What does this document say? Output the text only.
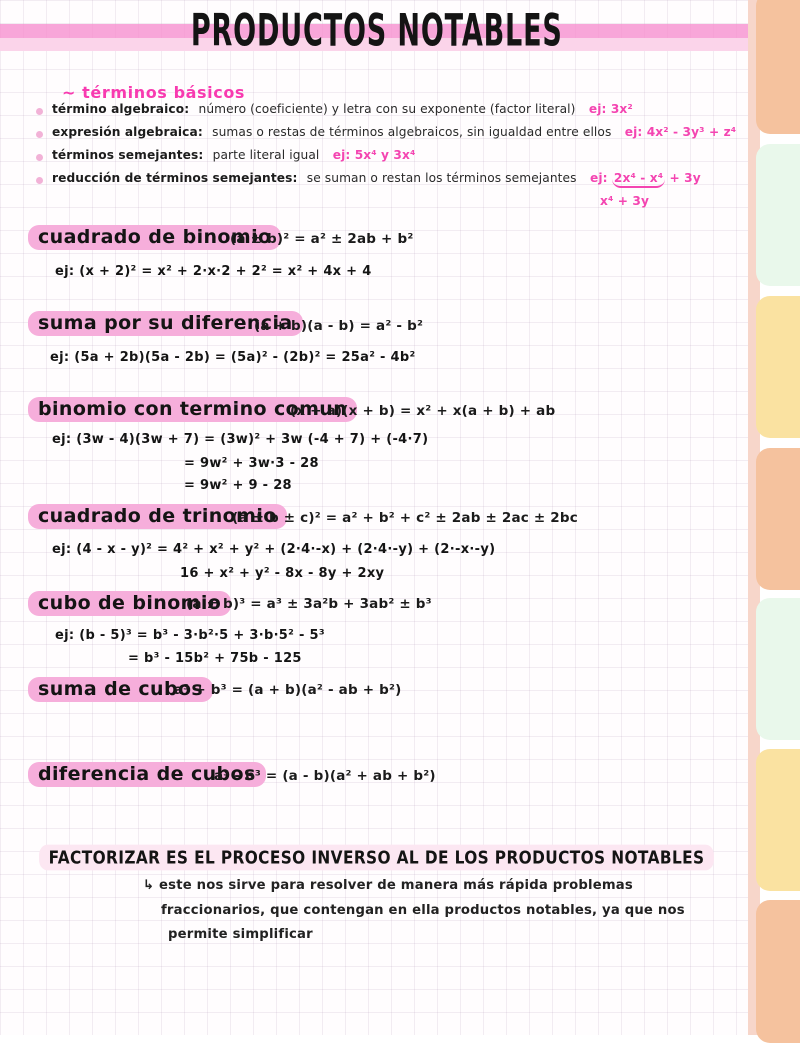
PRODUCTOS NOTABLES
~ términos básicos
término algebraico: número (coeficiente) y letra con su exponente (factor literal) ej: 3x²
expresión algebraica: sumas o restas de términos algebraicos, sin igualdad entre ellos ej: 4x² - 3y³ + z⁴
términos semejantes: parte literal igual ej: 5x⁴ y 3x⁴
reducción de términos semejantes: se suman o restan los términos semejantes ej: 2x⁴ - x⁴ + 3y
x⁴ + 3y
cuadrado de binomio
(a ± b)² = a² ± 2ab + b²
ej: (x + 2)² = x² + 2·x·2 + 2² = x² + 4x + 4
suma por su diferencia
(a + b)(a - b) = a² - b²
ej: (5a + 2b)(5a - 2b) = (5a)² - (2b)² = 25a² - 4b²
binomio con termino comun
(x + a)(x + b) = x² + x(a + b) + ab
ej: (3w - 4)(3w + 7) = (3w)² + 3w (-4 + 7) + (-4·7)
= 9w² + 3w·3 - 28
= 9w² + 9 - 28
cuadrado de trinomio
(a ± b ± c)² = a² + b² + c² ± 2ab ± 2ac ± 2bc
ej: (4 - x - y)² = 4² + x² + y² + (2·4·-x) + (2·4·-y) + (2·-x·-y)
16 + x² + y² - 8x - 8y + 2xy
cubo de binomio
(a ± b)³ = a³ ± 3a²b + 3ab² ± b³
ej: (b - 5)³ = b³ - 3·b²·5 + 3·b·5² - 5³
= b³ - 15b² + 75b - 125
suma de cubos
a³ + b³ = (a + b)(a² - ab + b²)
diferencia de cubos
a³ - b³ = (a - b)(a² + ab + b²)
FACTORIZAR ES EL PROCESO INVERSO AL DE LOS PRODUCTOS NOTABLES
↳ este nos sirve para resolver de manera más rápida problemas
fraccionarios, que contengan en ella productos notables, ya que nos
permite simplificar
